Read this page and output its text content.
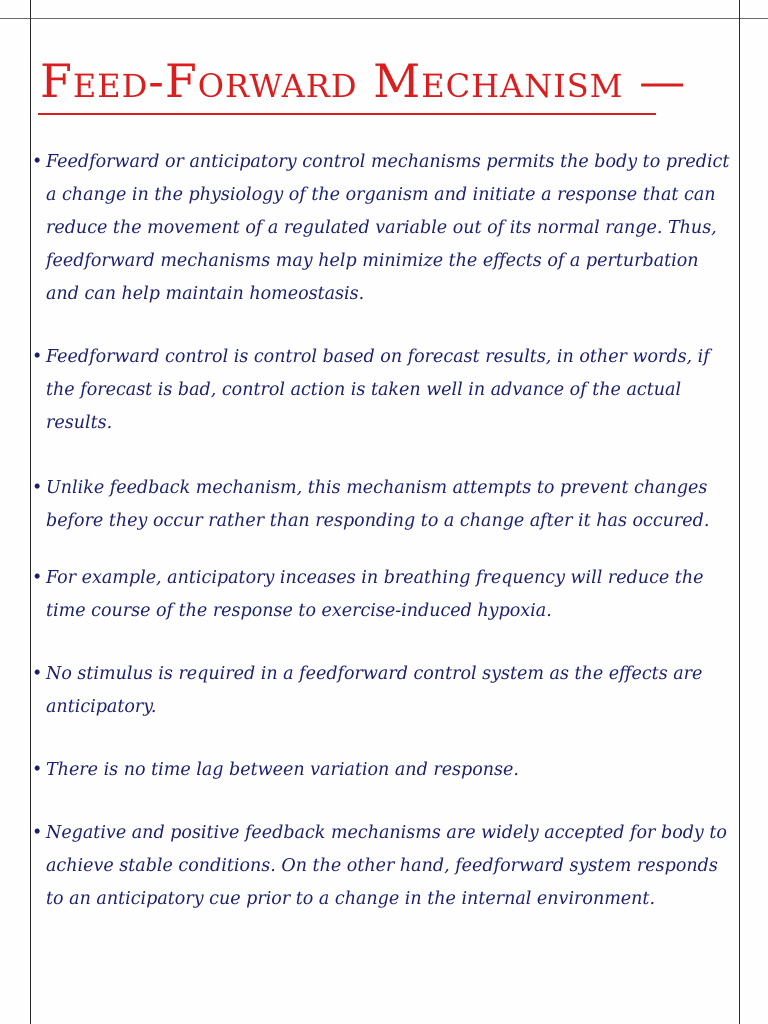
Feed-Forward Mechanism —
• Feedforward or anticipatory control mechanisms permits the body to predict a change in the physiology of the organism and initiate a response that can reduce the movement of a regulated variable out of its normal range. Thus, feedforward mechanisms may help minimize the effects of a perturbation and can help maintain homeostasis.
• Feedforward control is control based on forecast results, in other words, if the forecast is bad, control action is taken well in advance of the actual results.
• Unlike feedback mechanism, this mechanism attempts to prevent changes before they occur rather than responding to a change after it has occured.
• For example, anticipatory inceases in breathing frequency will reduce the time course of the response to exercise-induced hypoxia.
• No stimulus is required in a feedforward control system as the effects are anticipatory.
• There is no time lag between variation and response.
• Negative and positive feedback mechanisms are widely accepted for body to achieve stable conditions. On the other hand, feedforward system responds to an anticipatory cue prior to a change in the internal environment.
